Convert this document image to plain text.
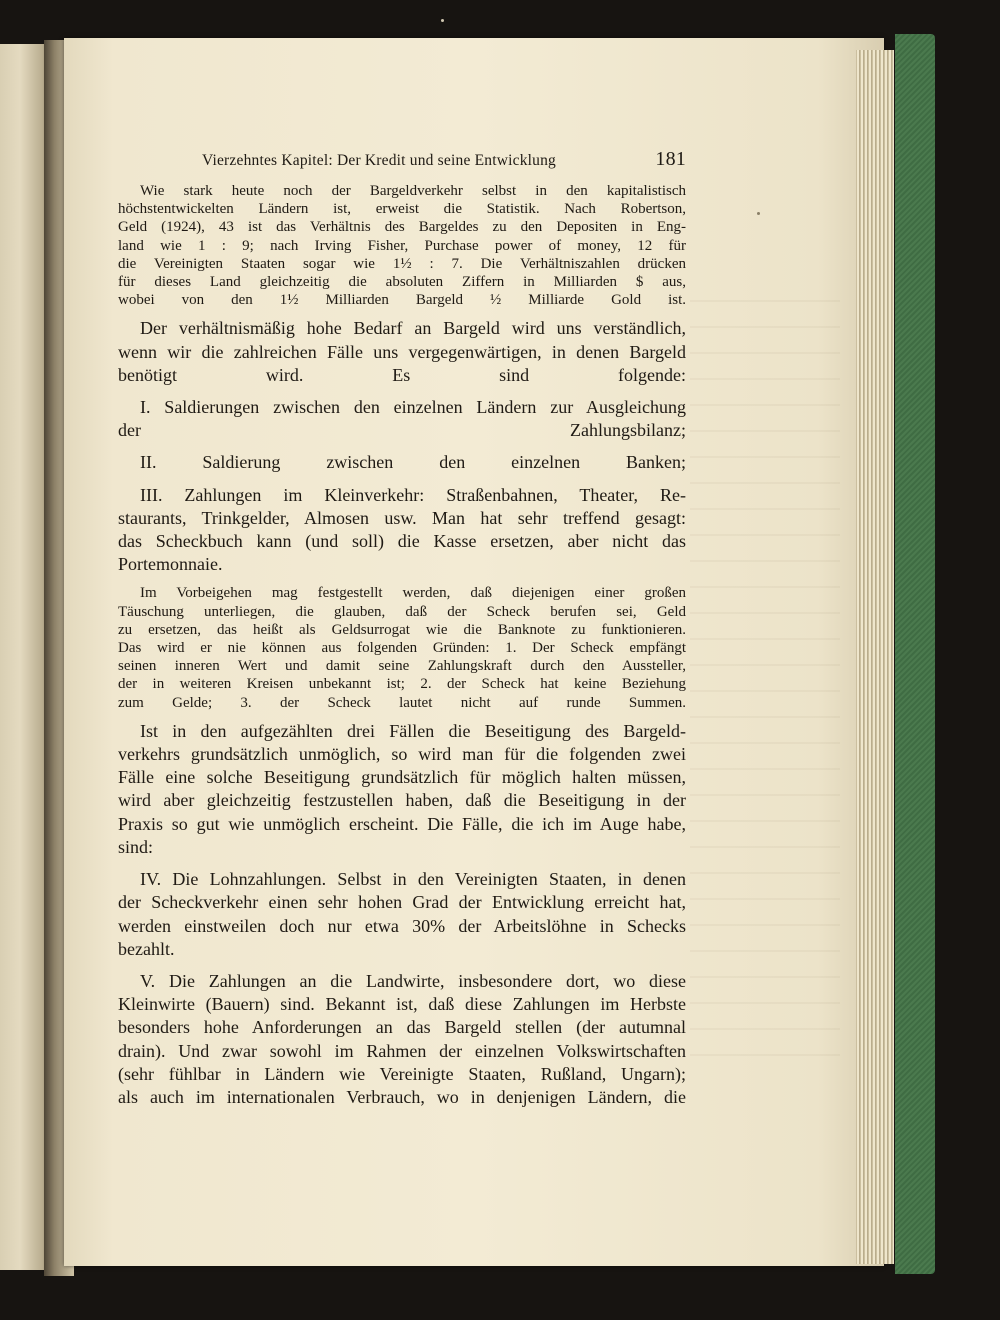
Vierzehntes Kapitel: Der Kredit und seine Entwicklung	181

Wie stark heute noch der Bargeldverkehr selbst in den kapitalistisch
höchstentwickelten Ländern ist, erweist die Statistik. Nach Robertson,
Geld (1924), 43 ist das Verhältnis des Bargeldes zu den Depositen in Eng-
land wie 1 : 9; nach Irving Fisher, Purchase power of money, 12 für
die Vereinigten Staaten sogar wie 1½ : 7. Die Verhältniszahlen drücken
für dieses Land gleichzeitig die absoluten Ziffern in Milliarden $ aus,
wobei von den 1½ Milliarden Bargeld ½ Milliarde Gold ist.

Der verhältnismäßig hohe Bedarf an Bargeld wird uns verständlich,
wenn wir die zahlreichen Fälle uns vergegenwärtigen, in denen Bargeld
benötigt wird. Es sind folgende:

I. Saldierungen zwischen den einzelnen Ländern zur Ausgleichung
der Zahlungsbilanz;

II. Saldierung zwischen den einzelnen Banken;

III. Zahlungen im Kleinverkehr: Straßenbahnen, Theater, Re-
staurants, Trinkgelder, Almosen usw. Man hat sehr treffend gesagt:
das Scheckbuch kann (und soll) die Kasse ersetzen, aber nicht das
Portemonnaie.

Im Vorbeigehen mag festgestellt werden, daß diejenigen einer großen
Täuschung unterliegen, die glauben, daß der Scheck berufen sei, Geld
zu ersetzen, das heißt als Geldsurrogat wie die Banknote zu funktionieren.
Das wird er nie können aus folgenden Gründen: 1. Der Scheck empfängt
seinen inneren Wert und damit seine Zahlungskraft durch den Aussteller,
der in weiteren Kreisen unbekannt ist; 2. der Scheck hat keine Beziehung
zum Gelde; 3. der Scheck lautet nicht auf runde Summen.

Ist in den aufgezählten drei Fällen die Beseitigung des Bargeld-
verkehrs grundsätzlich unmöglich, so wird man für die folgenden zwei
Fälle eine solche Beseitigung grundsätzlich für möglich halten müssen,
wird aber gleichzeitig festzustellen haben, daß die Beseitigung in der
Praxis so gut wie unmöglich erscheint. Die Fälle, die ich im Auge habe,
sind:

IV. Die Lohnzahlungen. Selbst in den Vereinigten Staaten, in denen
der Scheckverkehr einen sehr hohen Grad der Entwicklung erreicht hat,
werden einstweilen doch nur etwa 30% der Arbeitslöhne in Schecks
bezahlt.

V. Die Zahlungen an die Landwirte, insbesondere dort, wo diese
Kleinwirte (Bauern) sind. Bekannt ist, daß diese Zahlungen im Herbste
besonders hohe Anforderungen an das Bargeld stellen (der autumnal
drain). Und zwar sowohl im Rahmen der einzelnen Volkswirtschaften
(sehr fühlbar in Ländern wie Vereinigte Staaten, Rußland, Ungarn);
als auch im internationalen Verbrauch, wo in denjenigen Ländern, die
